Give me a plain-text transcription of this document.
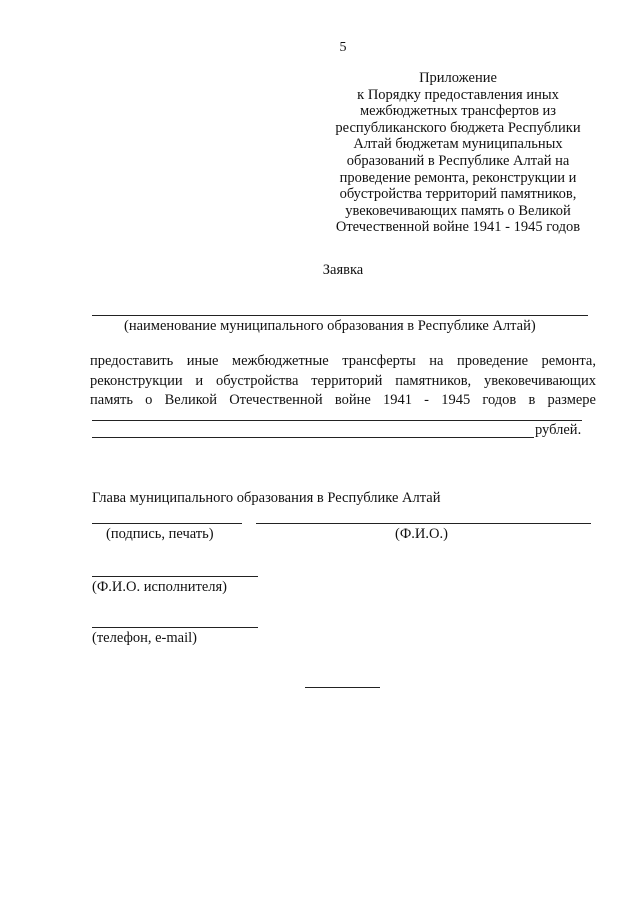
5
Приложение
к Порядку предоставления иных
межбюджетных трансфертов из
республиканского бюджета Республики
Алтай бюджетам муниципальных
образований в Республике Алтай на
проведение ремонта, реконструкции и
обустройства территорий памятников,
увековечивающих память о Великой
Отечественной войне 1941 - 1945 годов
Заявка
(наименование муниципального образования в Республике Алтай)
предоставить иные межбюджетные трансферты на проведение ремонта,
реконструкции и обустройства территорий памятников, увековечивающих
память о Великой Отечественной войне 1941 - 1945 годов в размере
рублей.
Глава муниципального образования в Республике Алтай
(подпись, печать)	(Ф.И.О.)
(Ф.И.О. исполнителя)
(телефон, e-mail)
